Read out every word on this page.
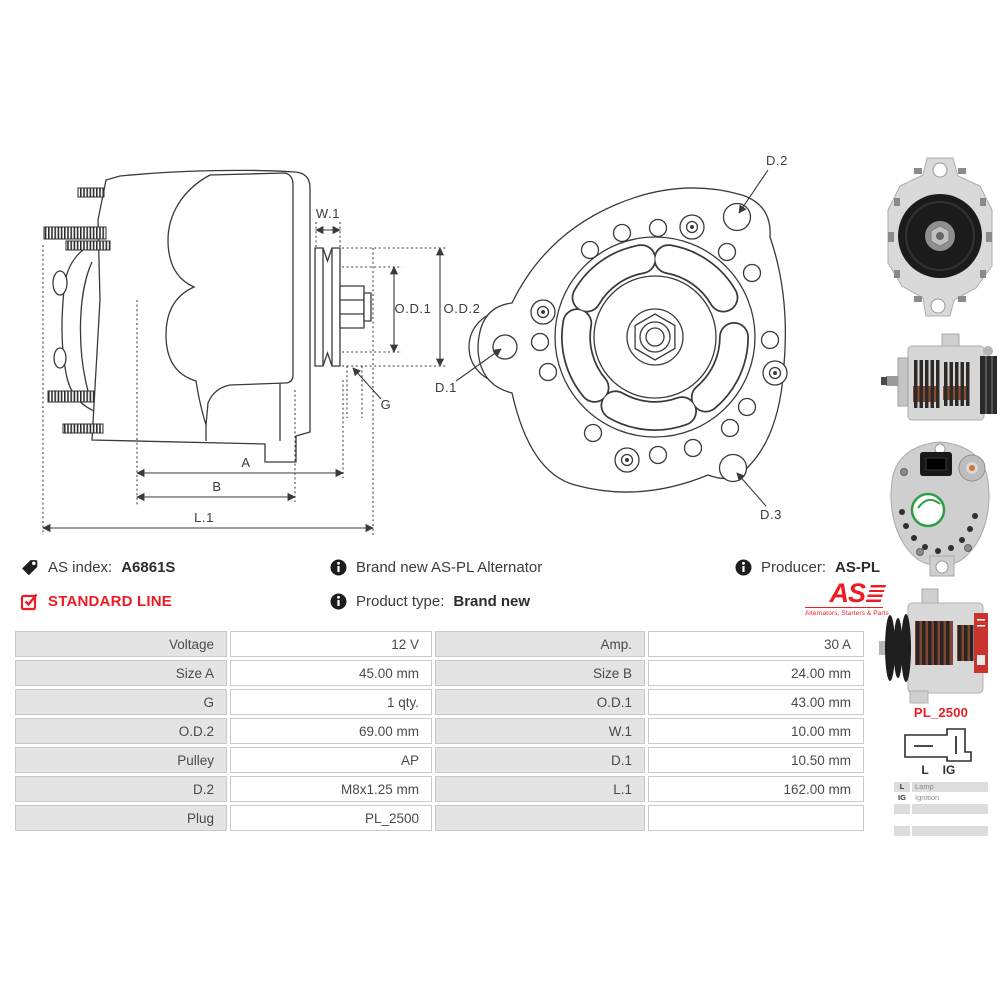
W.1
O.D.1 O.D.2
G
A
B
L.1
D.2
D.1
D.3
AS index: A6861S	Brand new AS-PL Alternator	Producer: AS-PL
STANDARD LINE	Product type: Brand new	AS
Alternators, Starters & Parts
Voltage	12 V	Amp.	30 A
Size A	45.00 mm	Size B	24.00 mm
G	1 qty.	O.D.1	43.00 mm
O.D.2	69.00 mm	W.1	10.00 mm
Pulley	AP	D.1	10.50 mm
D.2	M8x1.25 mm	L.1	162.00 mm
Plug	PL_2500		
PL_2500
L IG
L	Lamp
IG	Ignition
